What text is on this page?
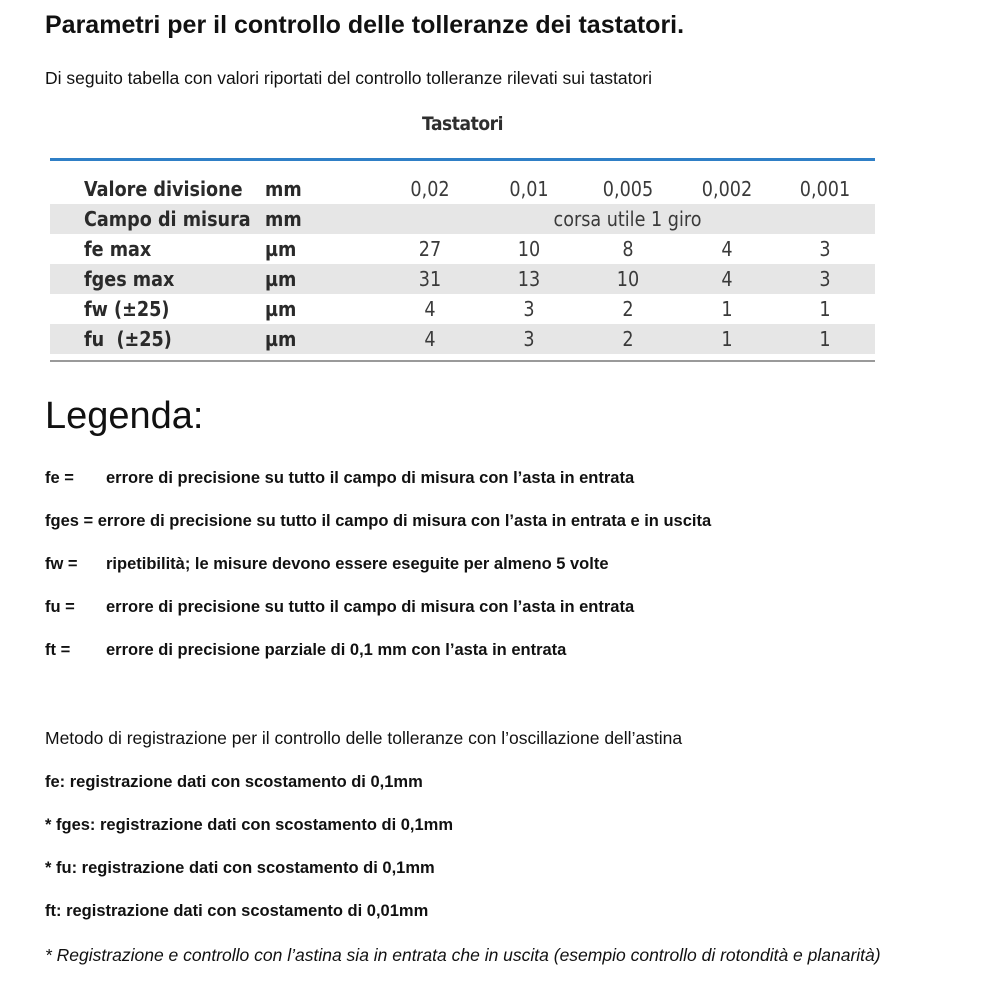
Parametri per il controllo delle tolleranze dei tastatori.
Di seguito tabella con valori riportati del controllo tolleranze rilevati sui tastatori
Tastatori
Valore divisione mm	0,02	0,01	0,005	0,002	0,001
Campo di misura mm	corsa utile 1 giro
fe max	µm	27	10	8	4	3
fges max	µm	31	13	10	4	3
fw (±25)	µm	4	3	2	1	1
fu  (±25)	µm	4	3	2	1	1
Legenda:
fe = errore di precisione su tutto il campo di misura con l’asta in entrata
fges = errore di precisione su tutto il campo di misura con l’asta in entrata e in uscita
fw = ripetibilità; le misure devono essere eseguite per almeno 5 volte
fu = errore di precisione su tutto il campo di misura con l’asta in entrata
ft = errore di precisione parziale di 0,1 mm con l’asta in entrata
Metodo di registrazione per il controllo delle tolleranze con l’oscillazione dell’astina
fe: registrazione dati con scostamento di 0,1mm
* fges: registrazione dati con scostamento di 0,1mm
* fu: registrazione dati con scostamento di 0,1mm
ft: registrazione dati con scostamento di 0,01mm
* Registrazione e controllo con l’astina sia in entrata che in uscita (esempio controllo di rotondità e planarità)
